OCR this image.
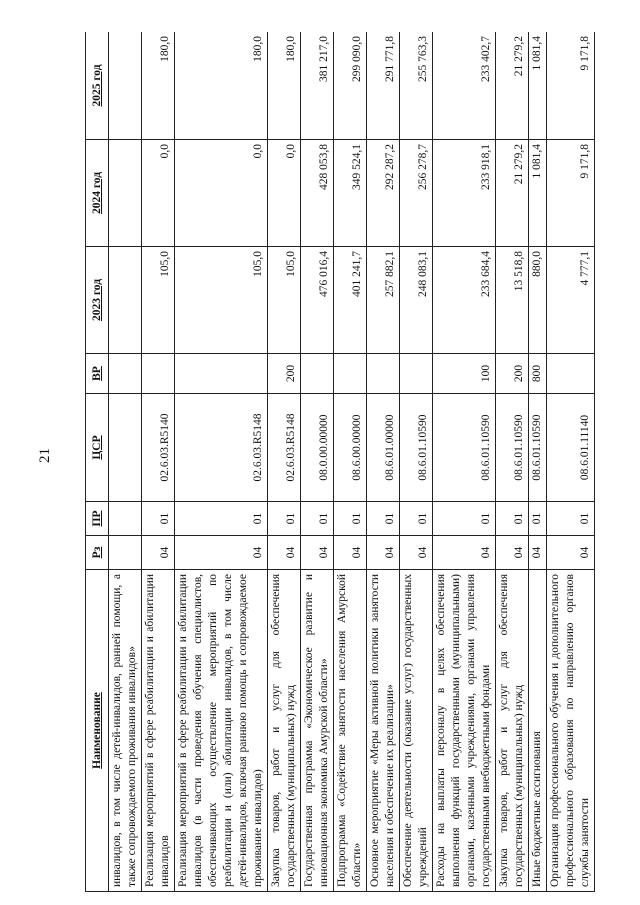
21
Наименование	Рз	ПР	ЦСР	ВР	2023 год	2024 год	2025 год
инвалидов, в том числе детей-инвалидов, ранней помощи, а также сопровождаемого проживания инвалидов»							
Реализация мероприятий в сфере реабилитации и абилитации инвалидов	04	01	02.6.03.R5140		105,0	0,0	180,0
Реализация мероприятий в сфере реабилитации и абилитации инвалидов (в части проведения обучения специалистов, обеспечивающих осуществление мероприятий по реабилитации и (или) абилитации инвалидов, в том числе детей-инвалидов, включая раннюю помощь и сопровождаемое проживание инвалидов)	04	01	02.6.03.R5148		105,0	0,0	180,0
Закупка товаров, работ и услуг для обеспечения государственных (муниципальных) нужд	04	01	02.6.03.R5148	200	105,0	0,0	180,0
Государственная программа «Экономическое развитие и инновационная экономика Амурской области»	04	01	08.0.00.00000		476 016,4	428 053,8	381 217,0
Подпрограмма «Содействие занятости населения Амурской области»	04	01	08.6.00.00000		401 241,7	349 524,1	299 090,0
Основное мероприятие «Меры активной политики занятости населения и обеспечение их реализации»	04	01	08.6.01.00000		257 882,1	292 287,2	291 771,8
Обеспечение деятельности (оказание услуг) государственных учреждений	04	01	08.6.01.10590		248 083,1	256 278,7	255 763,3
Расходы на выплаты персоналу в целях обеспечения выполнения функций государственными (муниципальными) органами, казенными учреждениями, органами управления государственными внебюджетными фондами	04	01	08.6.01.10590	100	233 684,4	233 918,1	233 402,7
Закупка товаров, работ и услуг для обеспечения государственных (муниципальных) нужд	04	01	08.6.01.10590	200	13 518,8	21 279,2	21 279,2
Иные бюджетные ассигнования	04	01	08.6.01.10590	800	880,0	1 081,4	1 081,4
Организация профессионального обучения и дополнительного профессионального образования по направлению органов службы занятости	04	01	08.6.01.11140		4 777,1	9 171,8	9 171,8
